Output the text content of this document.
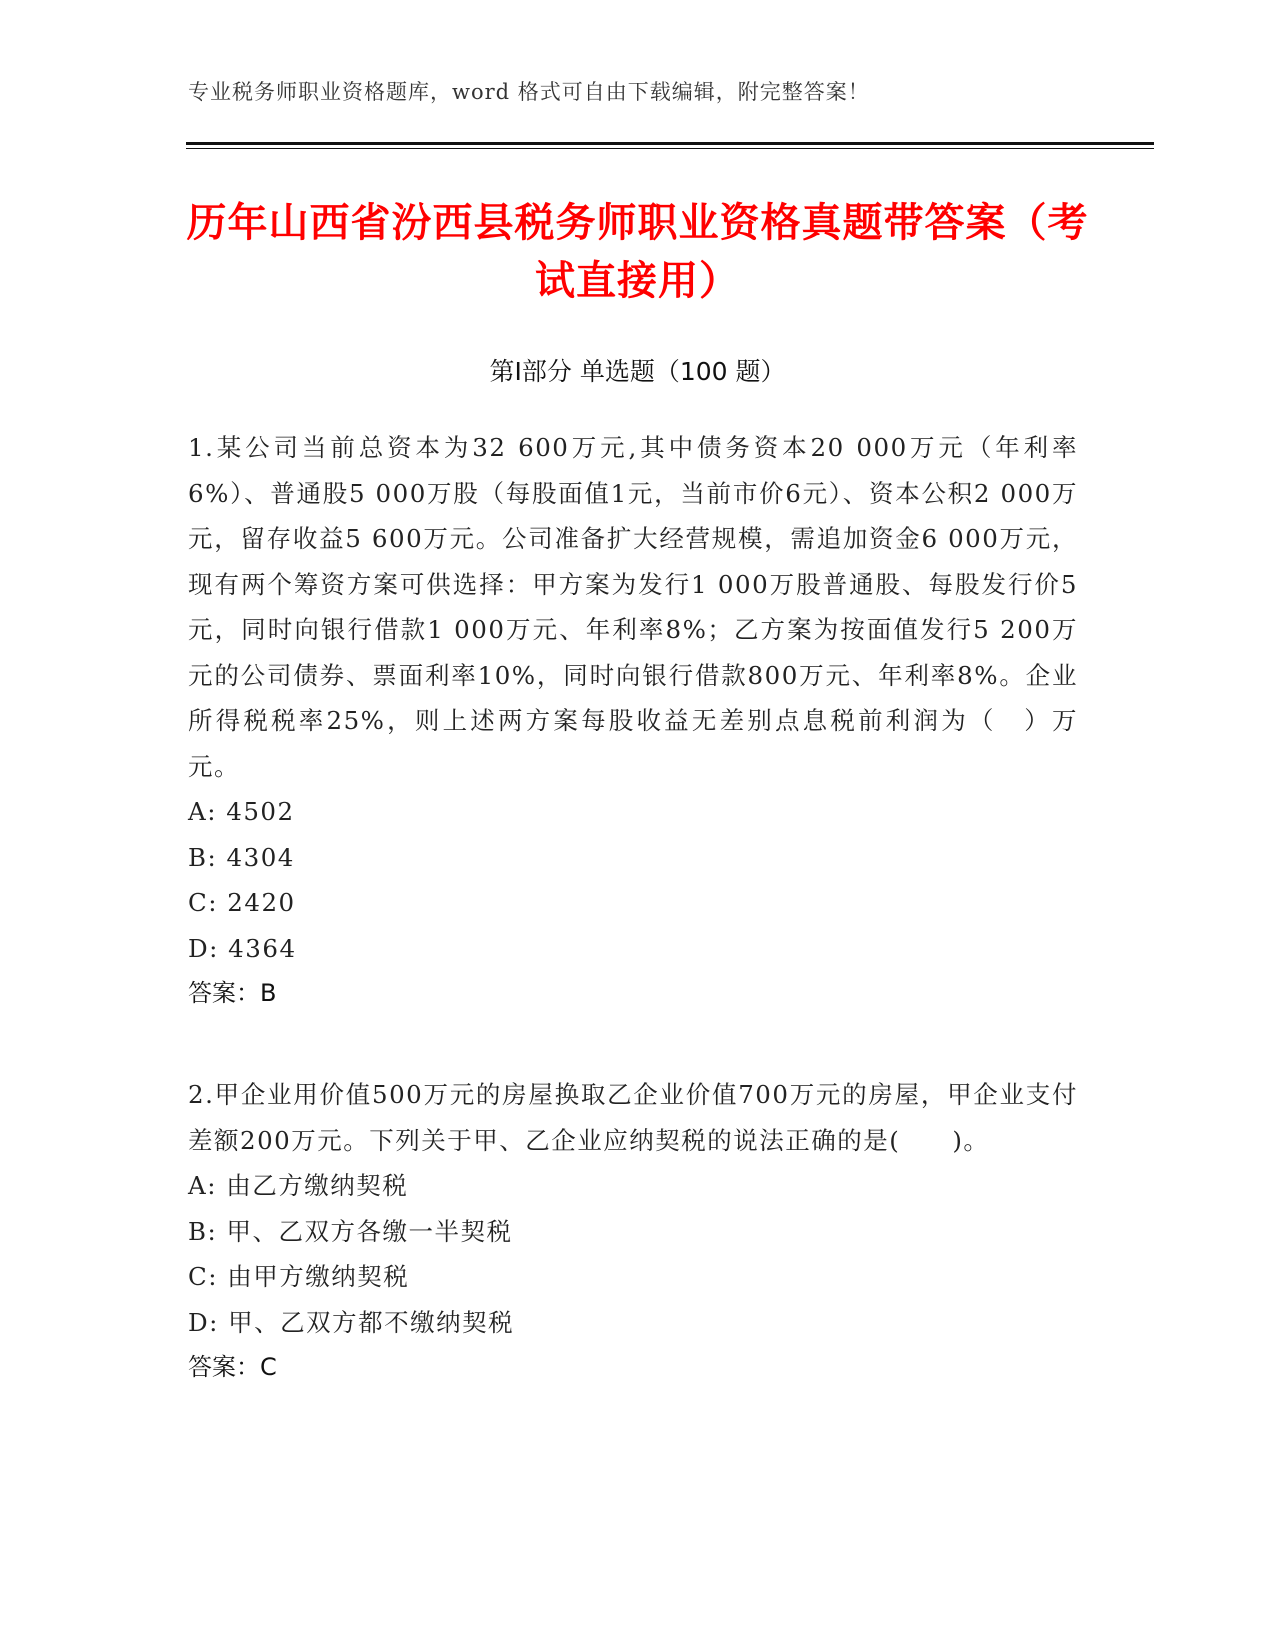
专业税务师职业资格题库，word 格式可自由下载编辑，附完整答案！
历年山西省汾西县税务师职业资格真题带答案（考试直接用）
第Ⅰ部分 单选题（100 题）
1.某公司当前总资本为32 600万元,其中债务资本20 000万元（年利率6%）、普通股5 000万股（每股面值1元，当前市价6元）、资本公积2 000万元，留存收益5 600万元。公司准备扩大经营规模，需追加资金6 000万元，现有两个筹资方案可供选择：甲方案为发行1 000万股普通股、每股发行价5元，同时向银行借款1 000万元、年利率8%；乙方案为按面值发行5 200万元的公司债券、票面利率10%，同时向银行借款800万元、年利率8%。企业所得税税率25%，则上述两方案每股收益无差别点息税前利润为（　）万元。
A: 4502
B: 4304
C: 2420
D: 4364
答案：B
2.甲企业用价值500万元的房屋换取乙企业价值700万元的房屋，甲企业支付差额200万元。下列关于甲、乙企业应纳契税的说法正确的是(　　)。
A: 由乙方缴纳契税
B: 甲、乙双方各缴一半契税
C: 由甲方缴纳契税
D: 甲、乙双方都不缴纳契税
答案：C
